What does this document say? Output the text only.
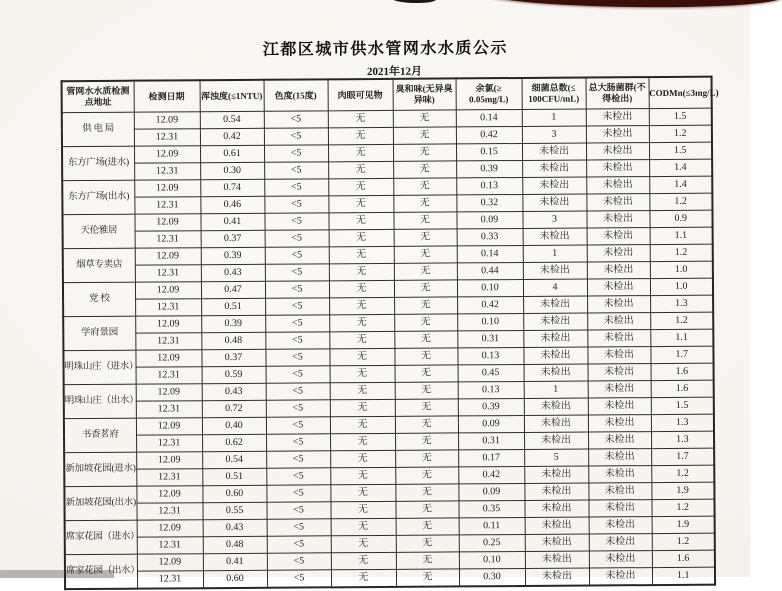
江都区城市供水管网水水质公示
2021年12月
管网水水质检测
点地址	检测日期	浑浊度(≤1NTU)	色度(15度)	肉眼可见物	臭和味(无异臭
异味)	余氯(≥
0.05mg/L)	细菌总数(≤
100CFU/mL)	总大肠菌群(不
得检出)	CODMn(≤3mg/L)
供 电 局	12.09	0.54	<5	无	无	0.14	1	未检出	1.5
	12.31	0.42	<5	无	无	0.42	3	未检出	1.2
东方广场(进水)	12.09	0.61	<5	无	无	0.15	未检出	未检出	1.5
	12.31	0.30	<5	无	无	0.39	未检出	未检出	1.4
东方广场(出水)	12.09	0.74	<5	无	无	0.13	未检出	未检出	1.4
	12.31	0.46	<5	无	无	0.32	未检出	未检出	1.2
天伦雅居	12.09	0.41	<5	无	无	0.09	3	未检出	0.9
	12.31	0.37	<5	无	无	0.33	未检出	未检出	1.1
烟草专卖店	12.09	0.39	<5	无	无	0.14	1	未检出	1.2
	12.31	0.43	<5	无	无	0.44	未检出	未检出	1.0
党 校	12.09	0.47	<5	无	无	0.10	4	未检出	1.0
	12.31	0.51	<5	无	无	0.42	未检出	未检出	1.3
学府景园	12.09	0.39	<5	无	无	0.10	未检出	未检出	1.2
	12.31	0.48	<5	无	无	0.31	未检出	未检出	1.1
明珠山庄（进水）	12.09	0.37	<5	无	无	0.13	未检出	未检出	1.7
	12.31	0.59	<5	无	无	0.45	未检出	未检出	1.6
明珠山庄（出水）	12.09	0.43	<5	无	无	0.13	1	未检出	1.6
	12.31	0.72	<5	无	无	0.39	未检出	未检出	1.5
书香茗府	12.09	0.40	<5	无	无	0.09	未检出	未检出	1.3
	12.31	0.62	<5	无	无	0.31	未检出	未检出	1.3
新加坡花园(进水)	12.09	0.54	<5	无	无	0.17	5	未检出	1.7
	12.31	0.51	<5	无	无	0.42	未检出	未检出	1.2
新加坡花园(出水)	12.09	0.60	<5	无	无	0.09	未检出	未检出	1.9
	12.31	0.55	<5	无	无	0.35	未检出	未检出	1.2
席家花园（进水）	12.09	0.43	<5	无	无	0.11	未检出	未检出	1.9
	12.31	0.48	<5	无	无	0.25	未检出	未检出	1.2
席家花园（出水）	12.09	0.41	<5	无	无	0.10	未检出	未检出	1.6
	12.31	0.60	<5	无	无	0.30	未检出	未检出	1.1
